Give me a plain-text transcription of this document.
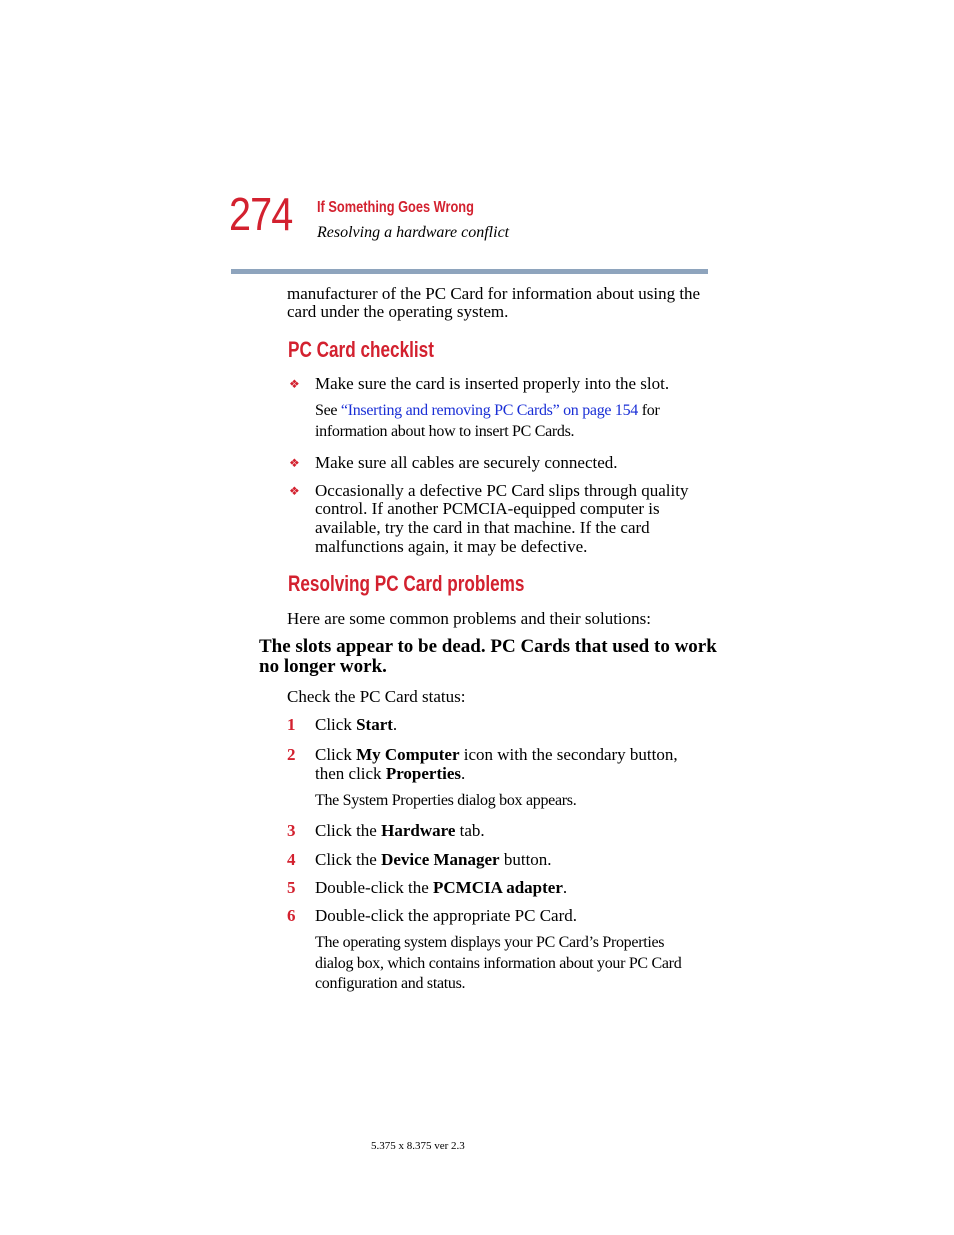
274 If Something Goes Wrong
Resolving a hardware conflict
manufacturer of the PC Card for information about using the
card under the operating system.
PC Card checklist
❖ Make sure the card is inserted properly into the slot.
See “Inserting and removing PC Cards” on page 154 for
information about how to insert PC Cards.
❖ Make sure all cables are securely connected.
❖ Occasionally a defective PC Card slips through quality
control. If another PCMCIA-equipped computer is
available, try the card in that machine. If the card
malfunctions again, it may be defective.
Resolving PC Card problems
Here are some common problems and their solutions:
The slots appear to be dead. PC Cards that used to work
no longer work.
Check the PC Card status:
1 Click Start.
2 Click My Computer icon with the secondary button,
then click Properties.
The System Properties dialog box appears.
3 Click the Hardware tab.
4 Click the Device Manager button.
5 Double-click the PCMCIA adapter.
6 Double-click the appropriate PC Card.
The operating system displays your PC Card’s Properties
dialog box, which contains information about your PC Card
configuration and status.
5.375 x 8.375 ver 2.3
